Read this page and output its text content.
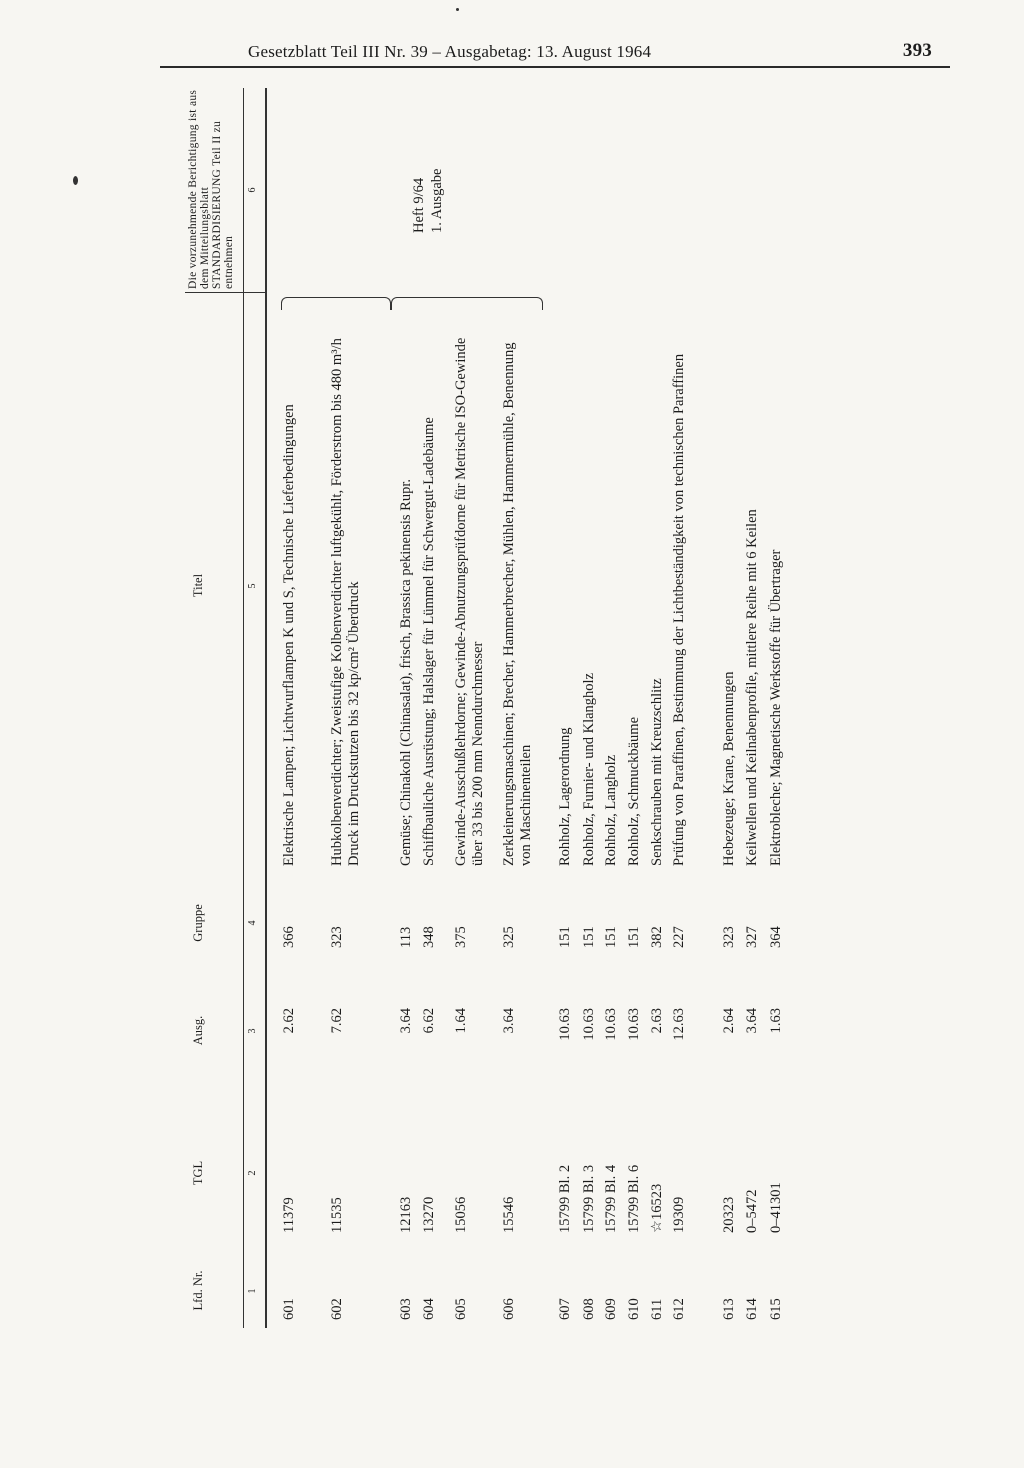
Gesetzblatt Teil III Nr. 39 – Ausgabetag: 13. August 1964	393
Lfd. Nr.
TGL
Ausg.
Gruppe
Titel
Die vorzunehmende Berichtigung ist aus dem Mitteilungsblatt STANDARDISIERUNG Teil II zu entnehmen
1
2
3
4
5
6
601
11379
2.62
366
Elektrische Lampen; Lichtwurflampen K und S, Technische Lieferbedingungen
602
11535
7.62
323
Hubkolbenverdichter; Zweistufige Kolbenverdichter luftgekühlt, Förderstrom bis 480 m³/h Druck im Druckstutzen bis 32 kp/cm² Überdruck
603
12163
3.64
113
Gemüse; Chinakohl (Chinasalat), frisch, Brassica pekinensis Rupr.
604
13270
6.62
348
Schiffbauliche Ausrüstung; Halslager für Lümmel für Schwergut-Ladebäume
605
15056
1.64
375
Gewinde-Ausschußlehrdorne; Gewinde-Abnutzungsprüfdorne für Metrische ISO-Gewinde über 33 bis 200 mm Nenndurchmesser
606
15546
3.64
325
Zerkleinerungsmaschinen; Brecher, Hammerbrecher, Mühlen, Hammermühle, Benennung von Maschinenteilen
607
15799 Bl. 2
10.63
151
Rohholz, Lagerordnung
608
15799 Bl. 3
10.63
151
Rohholz, Furnier- und Klangholz
609
15799 Bl. 4
10.63
151
Rohholz, Langholz
610
15799 Bl. 6
10.63
151
Rohholz, Schmuckbäume
611
☆16523
2.63
382
Senkschrauben mit Kreuzschlitz
612
19309
12.63
227
Prüfung von Paraffinen, Bestimmung der Lichtbeständigkeit von technischen Paraffinen
613
20323
2.64
323
Hebezeuge; Krane, Benennungen
614
0–5472
3.64
327
Keilwellen und Keilnabenprofile, mittlere Reihe mit 6 Keilen
615
0–41301
1.63
364
Elektrobleche; Magnetische Werkstoffe für Übertrager
Heft 9/64 1. Ausgabe
